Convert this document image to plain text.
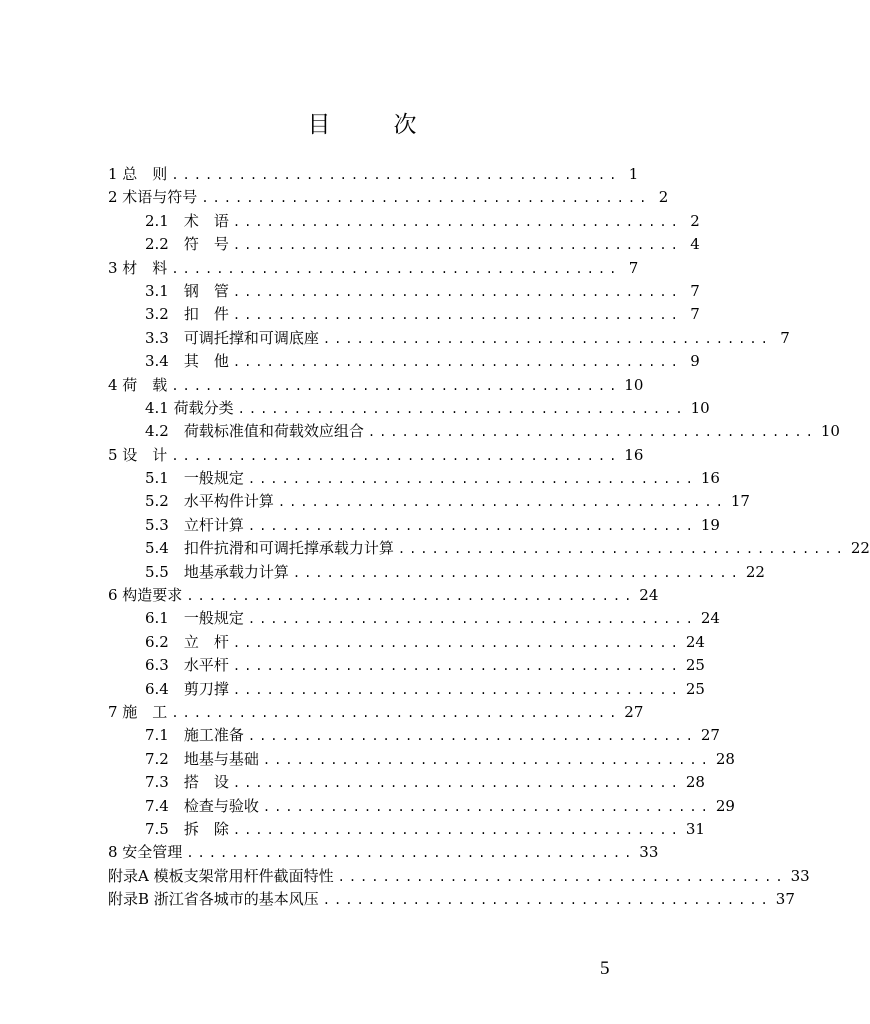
目　次
1 总　则 ........................................ 1
2 术语与符号 ........................................ 2
2.1　术　语 ........................................ 2
2.2　符　号 ........................................ 4
3 材　料 ........................................ 7
3.1　钢　管 ........................................ 7
3.2　扣　件 ........................................ 7
3.3　可调托撑和可调底座 ........................................ 7
3.4　其　他 ........................................ 9
4 荷　载 ........................................ 10
4.1 荷载分类 ........................................ 10
4.2　荷载标准值和荷载效应组合 ........................................ 10
5 设　计 ........................................ 16
5.1　一般规定 ........................................ 16
5.2　水平构件计算 ........................................ 17
5.3　立杆计算 ........................................ 19
5.4　扣件抗滑和可调托撑承载力计算 ........................................ 22
5.5　地基承载力计算 ........................................ 22
6 构造要求 ........................................ 24
6.1　一般规定 ........................................ 24
6.2　立　杆 ........................................ 24
6.3　水平杆 ........................................ 25
6.4　剪刀撑 ........................................ 25
7 施　工 ........................................ 27
7.1　施工准备 ........................................ 27
7.2　地基与基础 ........................................ 28
7.3　搭　设 ........................................ 28
7.4　检查与验收 ........................................ 29
7.5　拆　除 ........................................ 31
8 安全管理 ........................................ 33
附录A 模板支架常用杆件截面特性 ........................................ 33
附录B 浙江省各城市的基本风压 ........................................ 37
5
